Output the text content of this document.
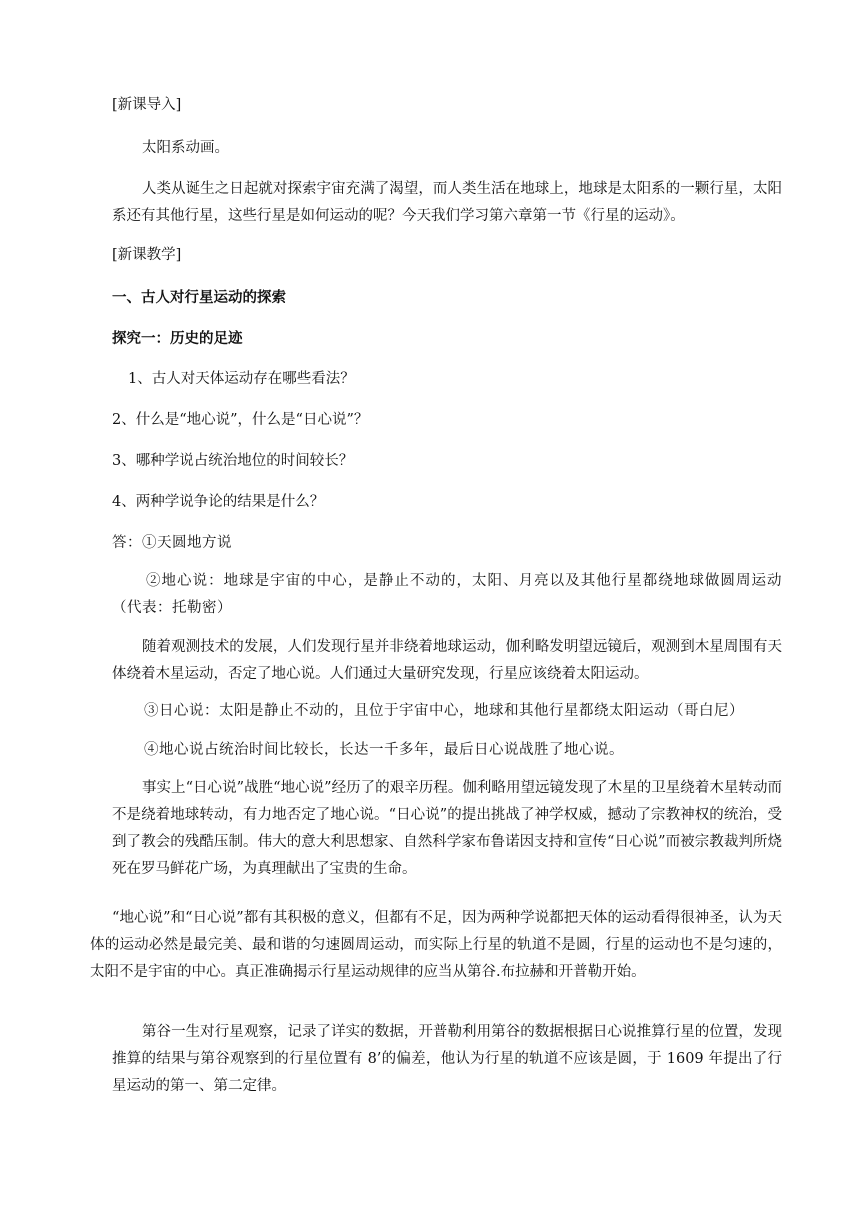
[新课导入]

太阳系动画。

人类从诞生之日起就对探索宇宙充满了渴望，而人类生活在地球上，地球是太阳系的一颗行星，太阳系还有其他行星，这些行星是如何运动的呢？今天我们学习第六章第一节《行星的运动》。

[新课教学]

一、古人对行星运动的探索

探究一：历史的足迹

1、古人对天体运动存在哪些看法？

2、什么是“地心说”，什么是“日心说”？

3、哪种学说占统治地位的时间较长？

4、两种学说争论的结果是什么？

答：①天圆地方说

②地心说：地球是宇宙的中心，是静止不动的，太阳、月亮以及其他行星都绕地球做圆周运动（代表：托勒密）

随着观测技术的发展，人们发现行星并非绕着地球运动，伽利略发明望远镜后，观测到木星周围有天体绕着木星运动，否定了地心说。人们通过大量研究发现，行星应该绕着太阳运动。

③日心说：太阳是静止不动的，且位于宇宙中心，地球和其他行星都绕太阳运动（哥白尼）

④地心说占统治时间比较长，长达一千多年，最后日心说战胜了地心说。

事实上“日心说”战胜“地心说”经历了的艰辛历程。伽利略用望远镜发现了木星的卫星绕着木星转动而不是绕着地球转动，有力地否定了地心说。“日心说”的提出挑战了神学权威，撼动了宗教神权的统治，受到了教会的残酷压制。伟大的意大利思想家、自然科学家布鲁诺因支持和宣传“日心说”而被宗教裁判所烧死在罗马鲜花广场，为真理献出了宝贵的生命。

“地心说”和“日心说”都有其积极的意义，但都有不足，因为两种学说都把天体的运动看得很神圣，认为天体的运动必然是最完美、最和谐的匀速圆周运动，而实际上行星的轨道不是圆，行星的运动也不是匀速的，太阳不是宇宙的中心。真正准确揭示行星运动规律的应当从第谷.布拉赫和开普勒开始。

第谷一生对行星观察，记录了详实的数据，开普勒利用第谷的数据根据日心说推算行星的位置，发现推算的结果与第谷观察到的行星位置有 8’的偏差，他认为行星的轨道不应该是圆，于 1609 年提出了行星运动的第一、第二定律。
